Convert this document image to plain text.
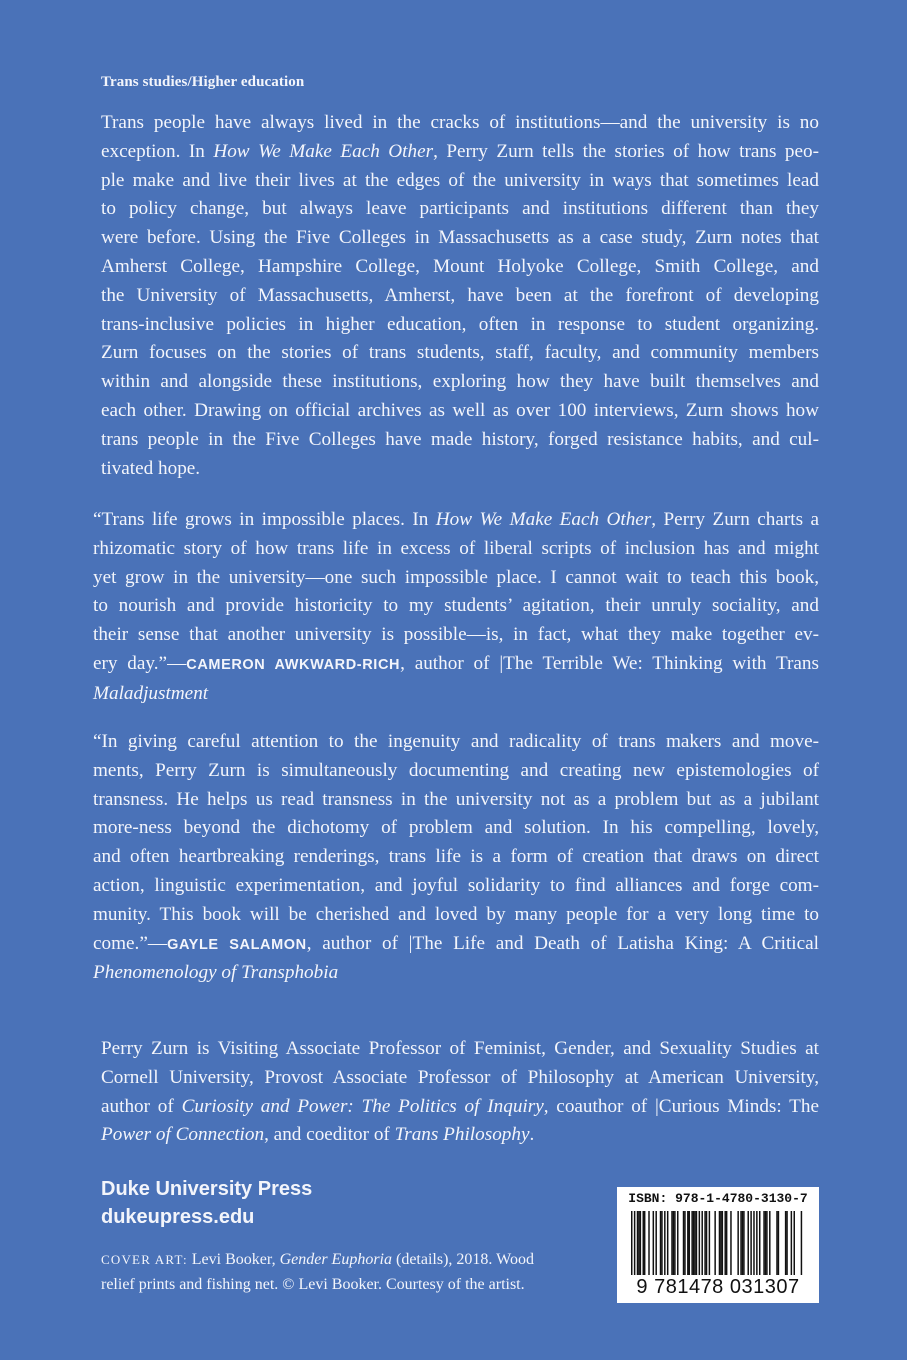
Trans studies/Higher education

Trans people have always lived in the cracks of institutions—and the university is no
exception. In How We Make Each Other, Perry Zurn tells the stories of how trans peo-
ple make and live their lives at the edges of the university in ways that sometimes lead
to policy change, but always leave participants and institutions different than they
were before. Using the Five Colleges in Massachusetts as a case study, Zurn notes that
Amherst College, Hampshire College, Mount Holyoke College, Smith College, and
the University of Massachusetts, Amherst, have been at the forefront of developing
trans-inclusive policies in higher education, often in response to student organizing.
Zurn focuses on the stories of trans students, staff, faculty, and community members
within and alongside these institutions, exploring how they have built themselves and
each other. Drawing on official archives as well as over 100 interviews, Zurn shows how
trans people in the Five Colleges have made history, forged resistance habits, and cul-
tivated hope.

“Trans life grows in impossible places. In How We Make Each Other, Perry Zurn charts a
rhizomatic story of how trans life in excess of liberal scripts of inclusion has and might
yet grow in the university—one such impossible place. I cannot wait to teach this book,
to nourish and provide historicity to my students’ agitation, their unruly sociality, and
their sense that another university is possible—is, in fact, what they make together ev-
ery day.”—CAMERON AWKWARD-RICH, author of |The Terrible We: Thinking with Trans
Maladjustment

“In giving careful attention to the ingenuity and radicality of trans makers and move-
ments, Perry Zurn is simultaneously documenting and creating new epistemologies of
transness. He helps us read transness in the university not as a problem but as a jubilant
more-ness beyond the dichotomy of problem and solution. In his compelling, lovely,
and often heartbreaking renderings, trans life is a form of creation that draws on direct
action, linguistic experimentation, and joyful solidarity to find alliances and forge com-
munity. This book will be cherished and loved by many people for a very long time to
come.”—GAYLE SALAMON, author of |The Life and Death of Latisha King: A Critical
Phenomenology of Transphobia

Perry Zurn is Visiting Associate Professor of Feminist, Gender, and Sexuality Studies at
Cornell University, Provost Associate Professor of Philosophy at American University,
author of Curiosity and Power: The Politics of Inquiry, coauthor of |Curious Minds: The
Power of Connection, and coeditor of Trans Philosophy.

Duke University Press
dukeupress.edu
COVER ART: Levi Booker, Gender Euphoria (details), 2018. Wood
relief prints and fishing net. © Levi Booker. Courtesy of the artist.
ISBN: 978-1-4780-3130-7
9 781478 031307
